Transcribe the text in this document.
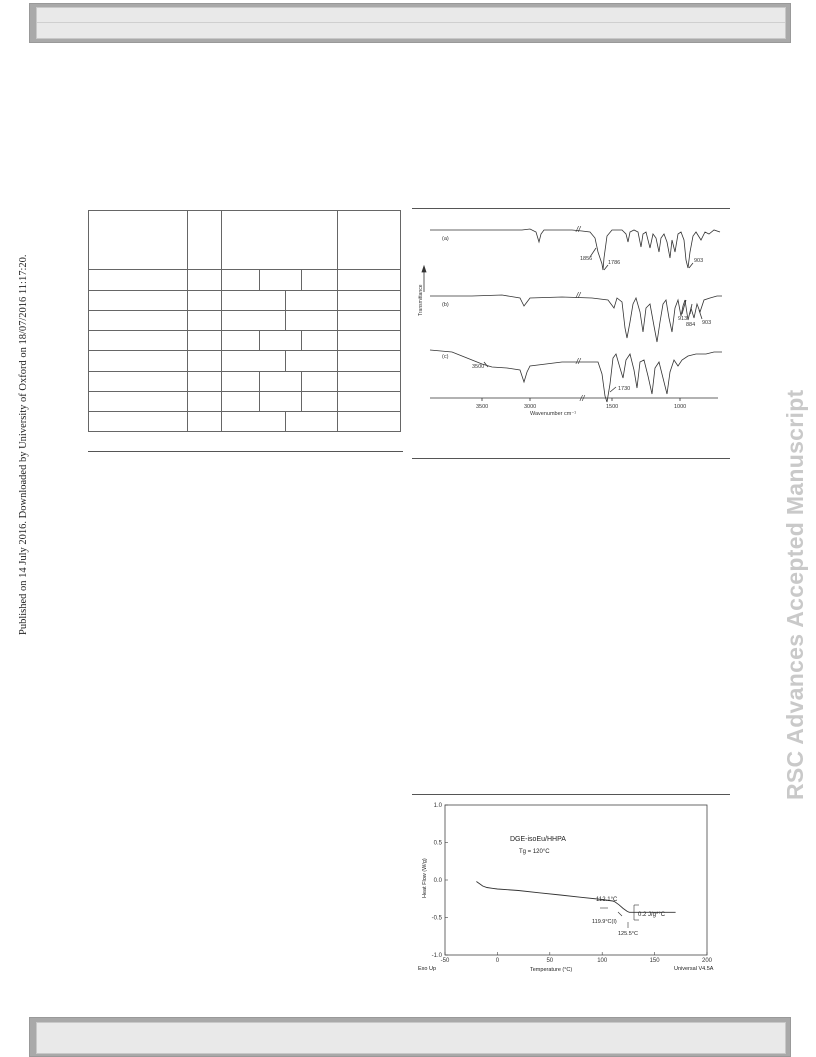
Published on 14 July 2016. Downloaded by University of Oxford on 18/07/2016 11:17:20.	RSC Advances Accepted Manuscript
(a)
(b)
(c)
//
//
//
//
1856
1786	903
913
884 903
3500
1730
3500	3000	1500	1000
Wavenumber cm⁻¹
Transmittance
1.0
0.5
0.0
-0.5
-1.0
-50	0	50	100	150	200
DGE-isoEu/HHPA
Tg = 120°C
112.1°C
0.2 J/g*°C
119.9°C(I)
125.5°C
Temperature (°C)
Exo Up	Universal V4.5A
Heat Flow (W/g)
